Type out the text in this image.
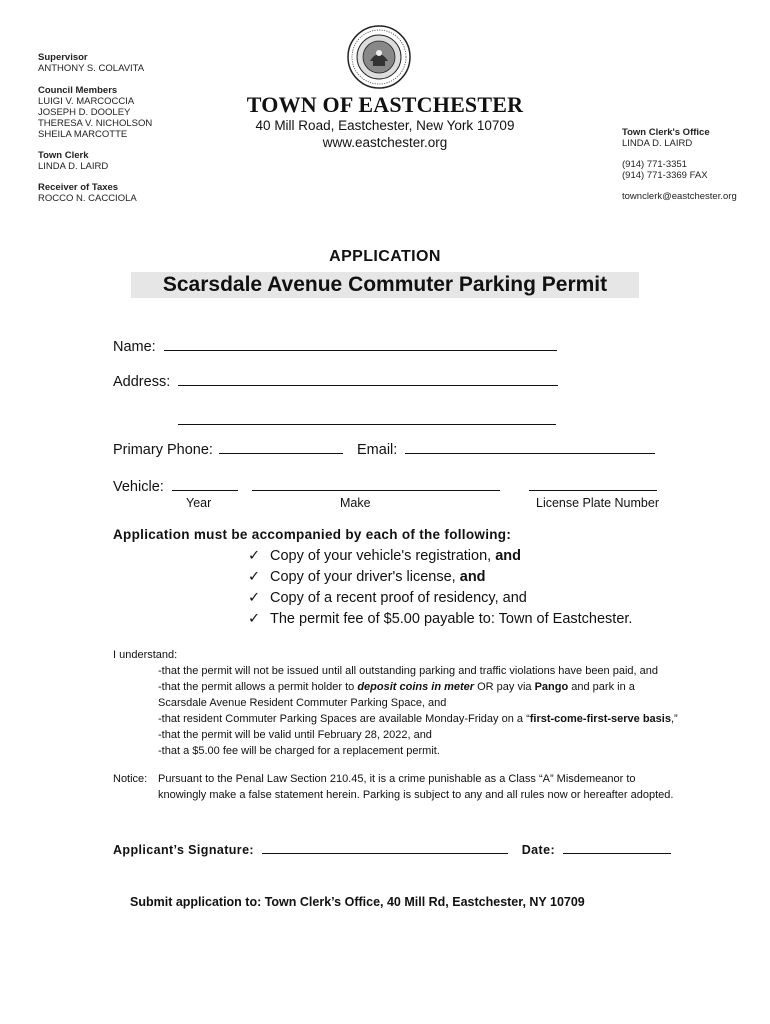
Supervisor
ANTHONY S. COLAVITA
Council Members
LUIGI V. MARCOCCIA
JOSEPH D. DOOLEY
THERESA V. NICHOLSON
SHEILA MARCOTTE
Town Clerk
LINDA D. LAIRD
Receiver of Taxes
ROCCO N. CACCIOLA
TOWN OF EASTCHESTER
40 Mill Road, Eastchester, New York 10709
www.eastchester.org
Town Clerk's Office
LINDA D. LAIRD
(914) 771-3351
(914) 771-3369 FAX
townclerk@eastchester.org
APPLICATION
Scarsdale Avenue Commuter Parking Permit
Name:
Address:
Primary Phone:	Email:
Vehicle:
Year	Make	License Plate Number
Application must be accompanied by each of the following:
✓ Copy of your vehicle's registration, and
✓ Copy of your driver's license, and
✓ Copy of a recent proof of residency, and
✓ The permit fee of $5.00 payable to: Town of Eastchester.
I understand:
-that the permit will not be issued until all outstanding parking and traffic violations have been paid, and
-that the permit allows a permit holder to deposit coins in meter OR pay via Pango and park in a
Scarsdale Avenue Resident Commuter Parking Space, and
-that resident Commuter Parking Spaces are available Monday-Friday on a “first-come-first-serve basis,”
-that the permit will be valid until February 28, 2022, and
-that a $5.00 fee will be charged for a replacement permit.
Notice: Pursuant to the Penal Law Section 210.45, it is a crime punishable as a Class “A” Misdemeanor to
knowingly make a false statement herein. Parking is subject to any and all rules now or hereafter adopted.
Applicant’s Signature:	Date:
Submit application to: Town Clerk’s Office, 40 Mill Rd, Eastchester, NY 10709
